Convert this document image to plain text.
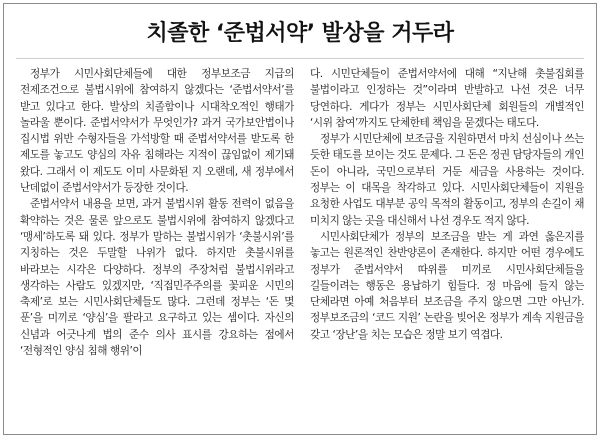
치졸한 ‘준법서약’ 발상을 거두라

정부가 시민사회단체들에 대한 정부보조금 지급의 전제조건으로 불법시위에 참여하지 않겠다는 ‘준법서약서’를 받고 있다고 한다. 발상의 치졸함이나 시대착오적인 행태가 놀라울 뿐이다. 준법서약서가 무엇인가? 과거 국가보안법이나 집시법 위반 수형자들을 가석방할 때 준법서약서를 받도록 한 제도를 놓고도 양심의 자유 침해라는 지적이 끊임없이 제기돼 왔다. 그래서 이 제도도 이미 사문화된 지 오랜데, 새 정부에서 난데없이 준법서약서가 등장한 것이다.

준법서약서 내용을 보면, 과거 불법시위 활동 전력이 없음을 확약하는 것은 물론 앞으로도 불법시위에 참여하지 않겠다고 ‘맹세’하도록 돼 있다. 정부가 말하는 불법시위가 ‘촛불시위’를 지칭하는 것은 두말할 나위가 없다. 하지만 촛불시위를 바라보는 시각은 다양하다. 정부의 주장처럼 불법시위라고 생각하는 사람도 있겠지만, ‘직접민주주의를 꽃피운 시민의 축제’로 보는 시민사회단체들도 많다. 그런데 정부는 ‘돈 몇 푼’을 미끼로 ‘양심’을 팔라고 요구하고 있는 셈이다. 자신의 신념과 어긋나게 법의 준수 의사 표시를 강요하는 점에서 ‘전형적인 양심 침해 행위’이

다. 시민단체들이 준법서약서에 대해 “지난해 촛불집회를 불법이라고 인정하는 것”이라며 반발하고 나선 것은 너무 당연하다. 게다가 정부는 시민사회단체 회원들의 개별적인 ‘시위 참여’까지도 단체한테 책임을 묻겠다는 태도다.

정부가 시민단체에 보조금을 지원하면서 마치 선심이나 쓰는 듯한 태도를 보이는 것도 문제다. 그 돈은 정권 담당자들의 개인 돈이 아니라, 국민으로부터 거둔 세금을 사용하는 것이다. 정부는 이 대목을 착각하고 있다. 시민사회단체들이 지원을 요청한 사업도 대부분 공익 목적의 활동이고, 정부의 손길이 채 미치지 않는 곳을 대신해서 나선 경우도 적지 않다.

시민사회단체가 정부의 보조금을 받는 게 과연 옳은지를 놓고는 원론적인 찬반양론이 존재한다. 하지만 어떤 경우에도 정부가 준법서약서 따위를 미끼로 시민사회단체들을 길들이려는 행동은 용납하기 힘들다. 정 마음에 들지 않는 단체라면 아예 처음부터 보조금을 주지 않으면 그만 아닌가. 정부보조금의 ‘코드 지원’ 논란을 빚어온 정부가 계속 지원금을 갖고 ‘장난’을 치는 모습은 정말 보기 역겹다.
